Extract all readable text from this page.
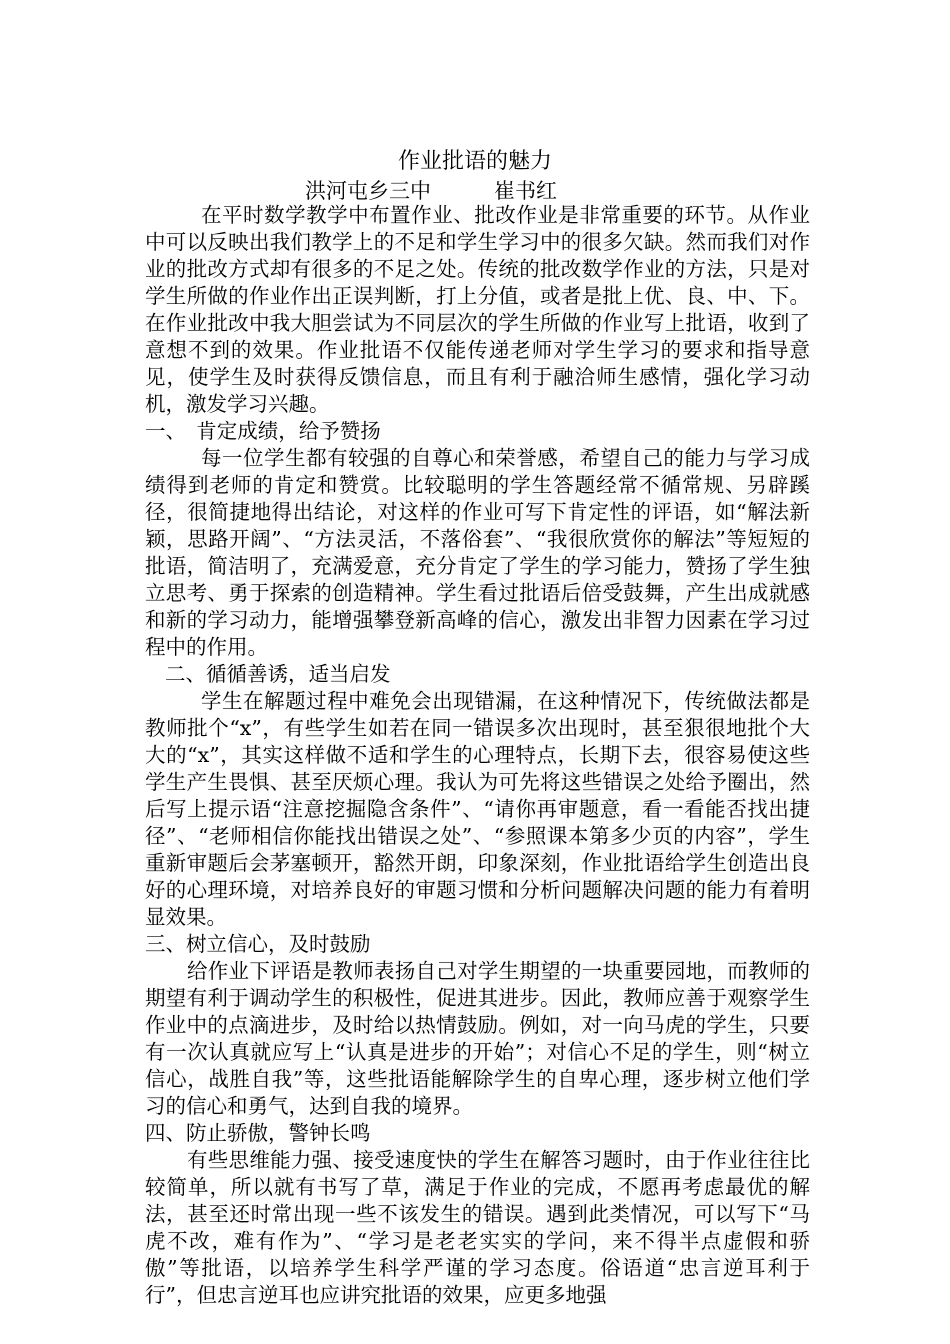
作业批语的魅力
洪河屯乡三中　　　崔书红

在平时数学教学中布置作业、批改作业是非常重要的环节。从作业中可以反映出我们教学上的不足和学生学习中的很多欠缺。然而我们对作业的批改方式却有很多的不足之处。传统的批改数学作业的方法，只是对学生所做的作业作出正误判断，打上分值，或者是批上优、良、中、下。在作业批改中我大胆尝试为不同层次的学生所做的作业写上批语，收到了意想不到的效果。作业批语不仅能传递老师对学生学习的要求和指导意见，使学生及时获得反馈信息，而且有利于融洽师生感情，强化学习动机，激发学习兴趣。

一、　肯定成绩，给予赞扬

每一位学生都有较强的自尊心和荣誉感，希望自己的能力与学习成绩得到老师的肯定和赞赏。比较聪明的学生答题经常不循常规、另辟蹊径，很简捷地得出结论，对这样的作业可写下肯定性的评语，如“解法新颖，思路开阔”、“方法灵活，不落俗套”、“我很欣赏你的解法”等短短的批语，简洁明了，充满爱意，充分肯定了学生的学习能力，赞扬了学生独立思考、勇于探索的创造精神。学生看过批语后倍受鼓舞，产生出成就感和新的学习动力，能增强攀登新高峰的信心，激发出非智力因素在学习过程中的作用。

二、循循善诱，适当启发

学生在解题过程中难免会出现错漏，在这种情况下，传统做法都是教师批个“x”，有些学生如若在同一错误多次出现时，甚至狠很地批个大大的“x”，其实这样做不适和学生的心理特点，长期下去，很容易使这些学生产生畏惧、甚至厌烦心理。我认为可先将这些错误之处给予圈出，然后写上提示语“注意挖掘隐含条件”、“请你再审题意，看一看能否找出捷径”、“老师相信你能找出错误之处”、“参照课本第多少页的内容”，学生重新审题后会茅塞顿开，豁然开朗，印象深刻，作业批语给学生创造出良好的心理环境，对培养良好的审题习惯和分析问题解决问题的能力有着明显效果。

三、树立信心，及时鼓励

给作业下评语是教师表扬自己对学生期望的一块重要园地，而教师的期望有利于调动学生的积极性，促进其进步。因此，教师应善于观察学生作业中的点滴进步，及时给以热情鼓励。例如，对一向马虎的学生，只要有一次认真就应写上“认真是进步的开始”；对信心不足的学生，则“树立信心，战胜自我”等，这些批语能解除学生的自卑心理，逐步树立他们学习的信心和勇气，达到自我的境界。

四、防止骄傲，警钟长鸣

有些思维能力强、接受速度快的学生在解答习题时，由于作业往往比较简单，所以就有书写了草，满足于作业的完成，不愿再考虑最优的解法，甚至还时常出现一些不该发生的错误。遇到此类情况，可以写下“马虎不改，难有作为”、“学习是老老实实的学问，来不得半点虚假和骄傲”等批语，以培养学生科学严谨的学习态度。俗语道“忠言逆耳利于行”，但忠言逆耳也应讲究批语的效果，应更多地强
